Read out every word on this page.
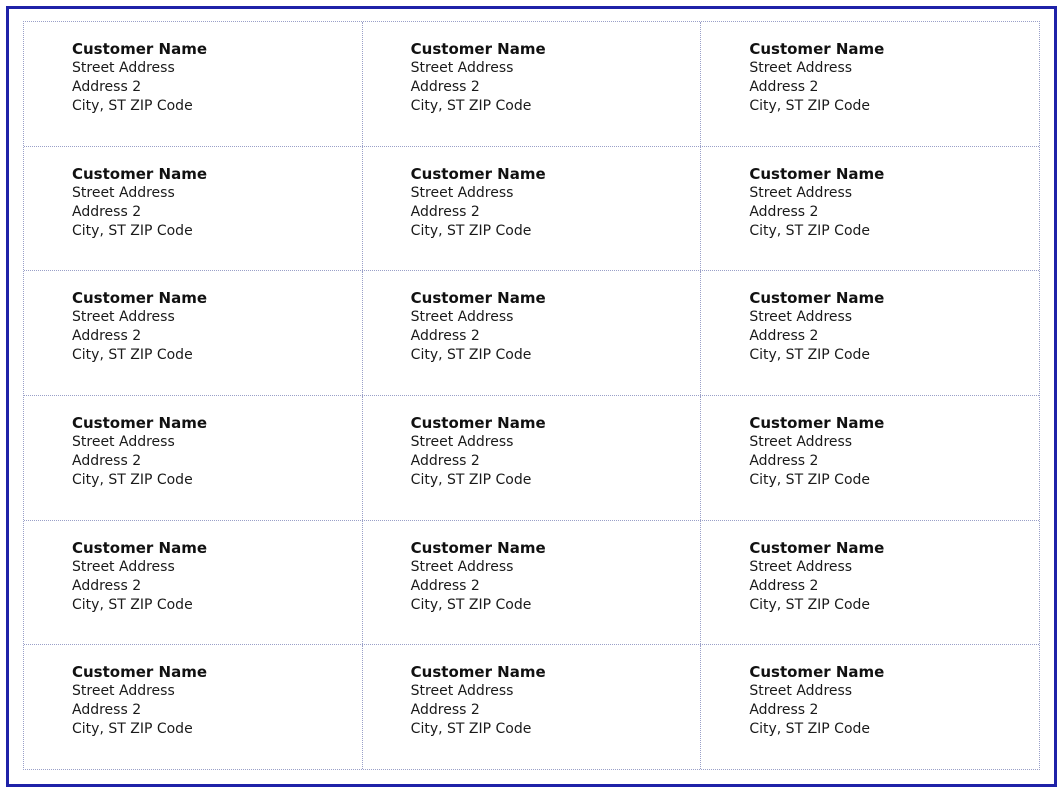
Customer Name
Street Address
Address 2
City, ST ZIP Code
Customer Name
Street Address
Address 2
City, ST ZIP Code
Customer Name
Street Address
Address 2
City, ST ZIP Code
Customer Name
Street Address
Address 2
City, ST ZIP Code
Customer Name
Street Address
Address 2
City, ST ZIP Code
Customer Name
Street Address
Address 2
City, ST ZIP Code
Customer Name
Street Address
Address 2
City, ST ZIP Code
Customer Name
Street Address
Address 2
City, ST ZIP Code
Customer Name
Street Address
Address 2
City, ST ZIP Code
Customer Name
Street Address
Address 2
City, ST ZIP Code
Customer Name
Street Address
Address 2
City, ST ZIP Code
Customer Name
Street Address
Address 2
City, ST ZIP Code
Customer Name
Street Address
Address 2
City, ST ZIP Code
Customer Name
Street Address
Address 2
City, ST ZIP Code
Customer Name
Street Address
Address 2
City, ST ZIP Code
Customer Name
Street Address
Address 2
City, ST ZIP Code
Customer Name
Street Address
Address 2
City, ST ZIP Code
Customer Name
Street Address
Address 2
City, ST ZIP Code
